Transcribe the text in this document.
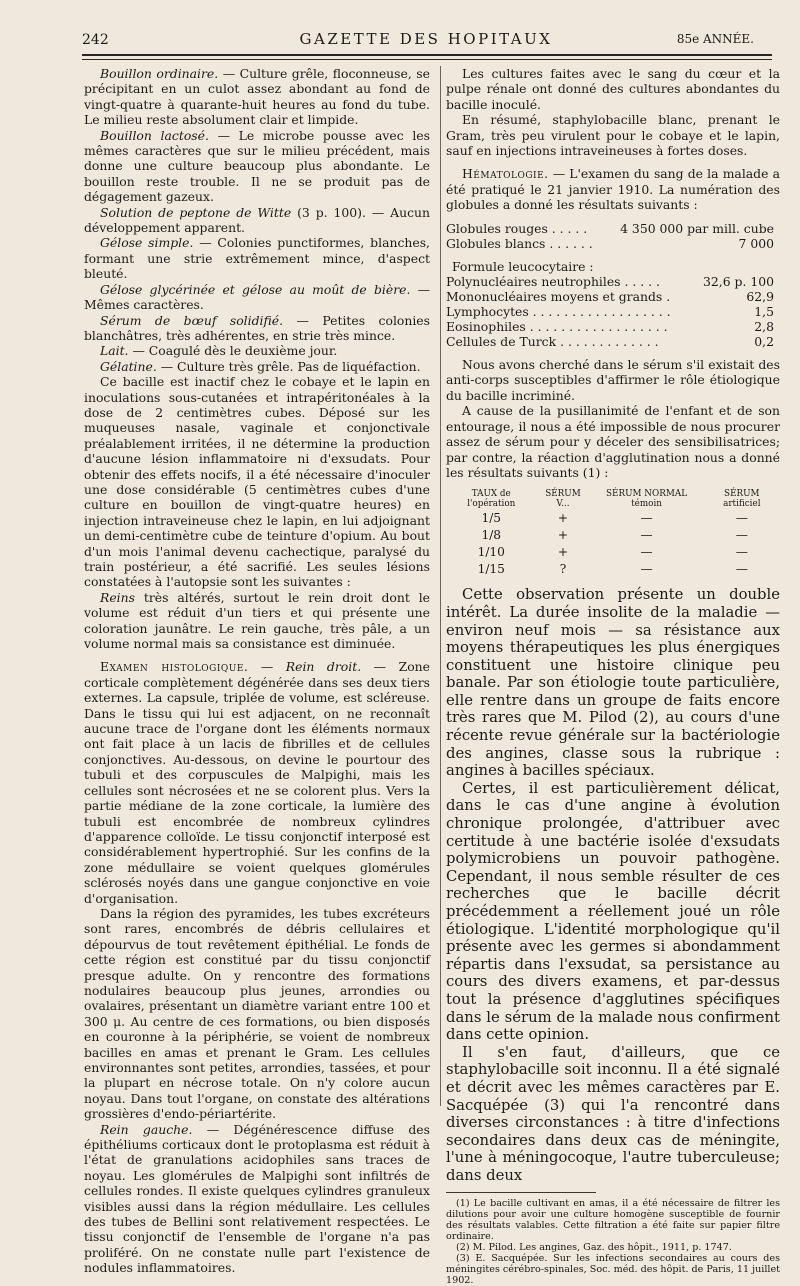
242	GAZETTE DES HOPITAUX	85e ANNÉE.

Bouillon ordinaire. — Culture grêle, floconneuse, se précipitant en un culot assez abondant au fond de vingt-quatre à quarante-huit heures au fond du tube. Le milieu reste absolument clair et limpide.

Bouillon lactosé. — Le microbe pousse avec les mêmes caractères que sur le milieu précédent, mais donne une culture beaucoup plus abondante. Le bouillon reste trouble. Il ne se produit pas de dégagement gazeux.

Solution de peptone de Witte (3 p. 100). — Aucun développement apparent.

Gélose simple. — Colonies punctiformes, blanches, formant une strie extrêmement mince, d'aspect bleuté.

Gélose glycérinée et gélose au moût de bière. — Mêmes caractères.

Sérum de bœuf solidifié. — Petites colonies blanchâtres, très adhérentes, en strie très mince.

Lait. — Coagulé dès le deuxième jour.

Gélatine. — Culture très grêle. Pas de liquéfaction.

Ce bacille est inactif chez le cobaye et le lapin en inoculations sous-cutanées et intrapéritonéales à la dose de 2 centimètres cubes. Déposé sur les muqueuses nasale, vaginale et conjonctivale préalablement irritées, il ne détermine la production d'aucune lésion inflammatoire ni d'exsudats. Pour obtenir des effets nocifs, il a été nécessaire d'inoculer une dose considérable (5 centimètres cubes d'une culture en bouillon de vingt-quatre heures) en injection intraveineuse chez le lapin, en lui adjoignant un demi-centimètre cube de teinture d'opium. Au bout d'un mois l'animal devenu cachectique, paralysé du train postérieur, a été sacrifié. Les seules lésions constatées à l'autopsie sont les suivantes :

Reins très altérés, surtout le rein droit dont le volume est réduit d'un tiers et qui présente une coloration jaunâtre. Le rein gauche, très pâle, a un volume normal mais sa consistance est diminuée.

Examen histologique. — Rein droit. — Zone corticale complètement dégénérée dans ses deux tiers externes. La capsule, triplée de volume, est scléreuse. Dans le tissu qui lui est adjacent, on ne reconnaît aucune trace de l'organe dont les éléments normaux ont fait place à un lacis de fibrilles et de cellules conjonctives. Au-dessous, on devine le pourtour des tubuli et des corpuscules de Malpighi, mais les cellules sont nécrosées et ne se colorent plus. Vers la partie médiane de la zone corticale, la lumière des tubuli est encombrée de nombreux cylindres d'apparence colloïde. Le tissu conjonctif interposé est considérablement hypertrophié. Sur les confins de la zone médullaire se voient quelques glomérules sclérosés noyés dans une gangue conjonctive en voie d'organisation.

Dans la région des pyramides, les tubes excréteurs sont rares, encombrés de débris cellulaires et dépourvus de tout revêtement épithélial. Le fonds de cette région est constitué par du tissu conjonctif presque adulte. On y rencontre des formations nodulaires beaucoup plus jeunes, arrondies ou ovalaires, présentant un diamètre variant entre 100 et 300 μ. Au centre de ces formations, ou bien disposés en couronne à la périphérie, se voient de nombreux bacilles en amas et prenant le Gram. Les cellules environnantes sont petites, arrondies, tassées, et pour la plupart en nécrose totale. On n'y colore aucun noyau. Dans tout l'organe, on constate des altérations grossières d'endo-périartérite.

Rein gauche. — Dégénérescence diffuse des épithéliums corticaux dont le protoplasma est réduit à l'état de granulations acidophiles sans traces de noyau. Les glomérules de Malpighi sont infiltrés de cellules rondes. Il existe quelques cylindres granuleux visibles aussi dans la région médullaire. Les cellules des tubes de Bellini sont relativement respectées. Le tissu conjonctif de l'ensemble de l'organe n'a pas proliféré. On ne constate nulle part l'existence de nodules inflammatoires.

Les cultures faites avec le sang du cœur et la pulpe rénale ont donné des cultures abondantes du bacille inoculé.

En résumé, staphylobacille blanc, prenant le Gram, très peu virulent pour le cobaye et le lapin, sauf en injections intraveineuses à fortes doses.

Hématologie. — L'examen du sang de la malade a été pratiqué le 21 janvier 1910. La numération des globules a donné les résultats suivants :

Globules rouges . . . . .	4 350 000 par mill. cube
Globules blancs . . . . . .	7 000
Formule leucocytaire :
Polynucléaires neutrophiles . . . . .	32,6 p. 100
Mononucléaires moyens et grands .	62,9
Lymphocytes . . . . . . . . . . . . . . . . . .	1,5
Eosinophiles . . . . . . . . . . . . . . . . . .	2,8
Cellules de Turck . . . . . . . . . . . . .	0,2

Nous avons cherché dans le sérum s'il existait des anti-corps susceptibles d'affirmer le rôle étiologique du bacille incriminé.

A cause de la pusillanimité de l'enfant et de son entourage, il nous a été impossible de nous procurer assez de sérum pour y déceler des sensibilisatrices; par contre, la réaction d'agglutination nous a donné les résultats suivants (1) :

TAUX de l'opération	SÉRUM V...	SÉRUM NORMAL témoin	SÉRUM artificiel
1/5	+	—	—
1/8	+	—	—
1/10	+	—	—
1/15	?	—	—

Cette observation présente un double intérêt. La durée insolite de la maladie — environ neuf mois — sa résistance aux moyens thérapeutiques les plus énergiques constituent une histoire clinique peu banale. Par son étiologie toute particulière, elle rentre dans un groupe de faits encore très rares que M. Pilod (2), au cours d'une récente revue générale sur la bactériologie des angines, classe sous la rubrique : angines à bacilles spéciaux.

Certes, il est particulièrement délicat, dans le cas d'une angine à évolution chronique prolongée, d'attribuer avec certitude à une bactérie isolée d'exsudats polymicrobiens un pouvoir pathogène. Cependant, il nous semble résulter de ces recherches que le bacille décrit précédemment a réellement joué un rôle étiologique. L'identité morphologique qu'il présente avec les germes si abondamment répartis dans l'exsudat, sa persistance au cours des divers examens, et par-dessus tout la présence d'agglutines spécifiques dans le sérum de la malade nous confirment dans cette opinion.

Il s'en faut, d'ailleurs, que ce staphylobacille soit inconnu. Il a été signalé et décrit avec les mêmes caractères par E. Sacquépée (3) qui l'a rencontré dans diverses circonstances : à titre d'infections secondaires dans deux cas de méningite, l'une à méningocoque, l'autre tuberculeuse; dans deux

(1) Le bacille cultivant en amas, il a été nécessaire de filtrer les dilutions pour avoir une culture homogène susceptible de fournir des résultats valables. Cette filtration a été faite sur papier filtre ordinaire.

(2) M. Pilod. Les angines, Gaz. des hôpit., 1911, p. 1747.

(3) E. Sacquépée. Sur les infections secondaires au cours des méningites cérébro-spinales, Soc. méd. des hôpit. de Paris, 11 juillet 1902.
